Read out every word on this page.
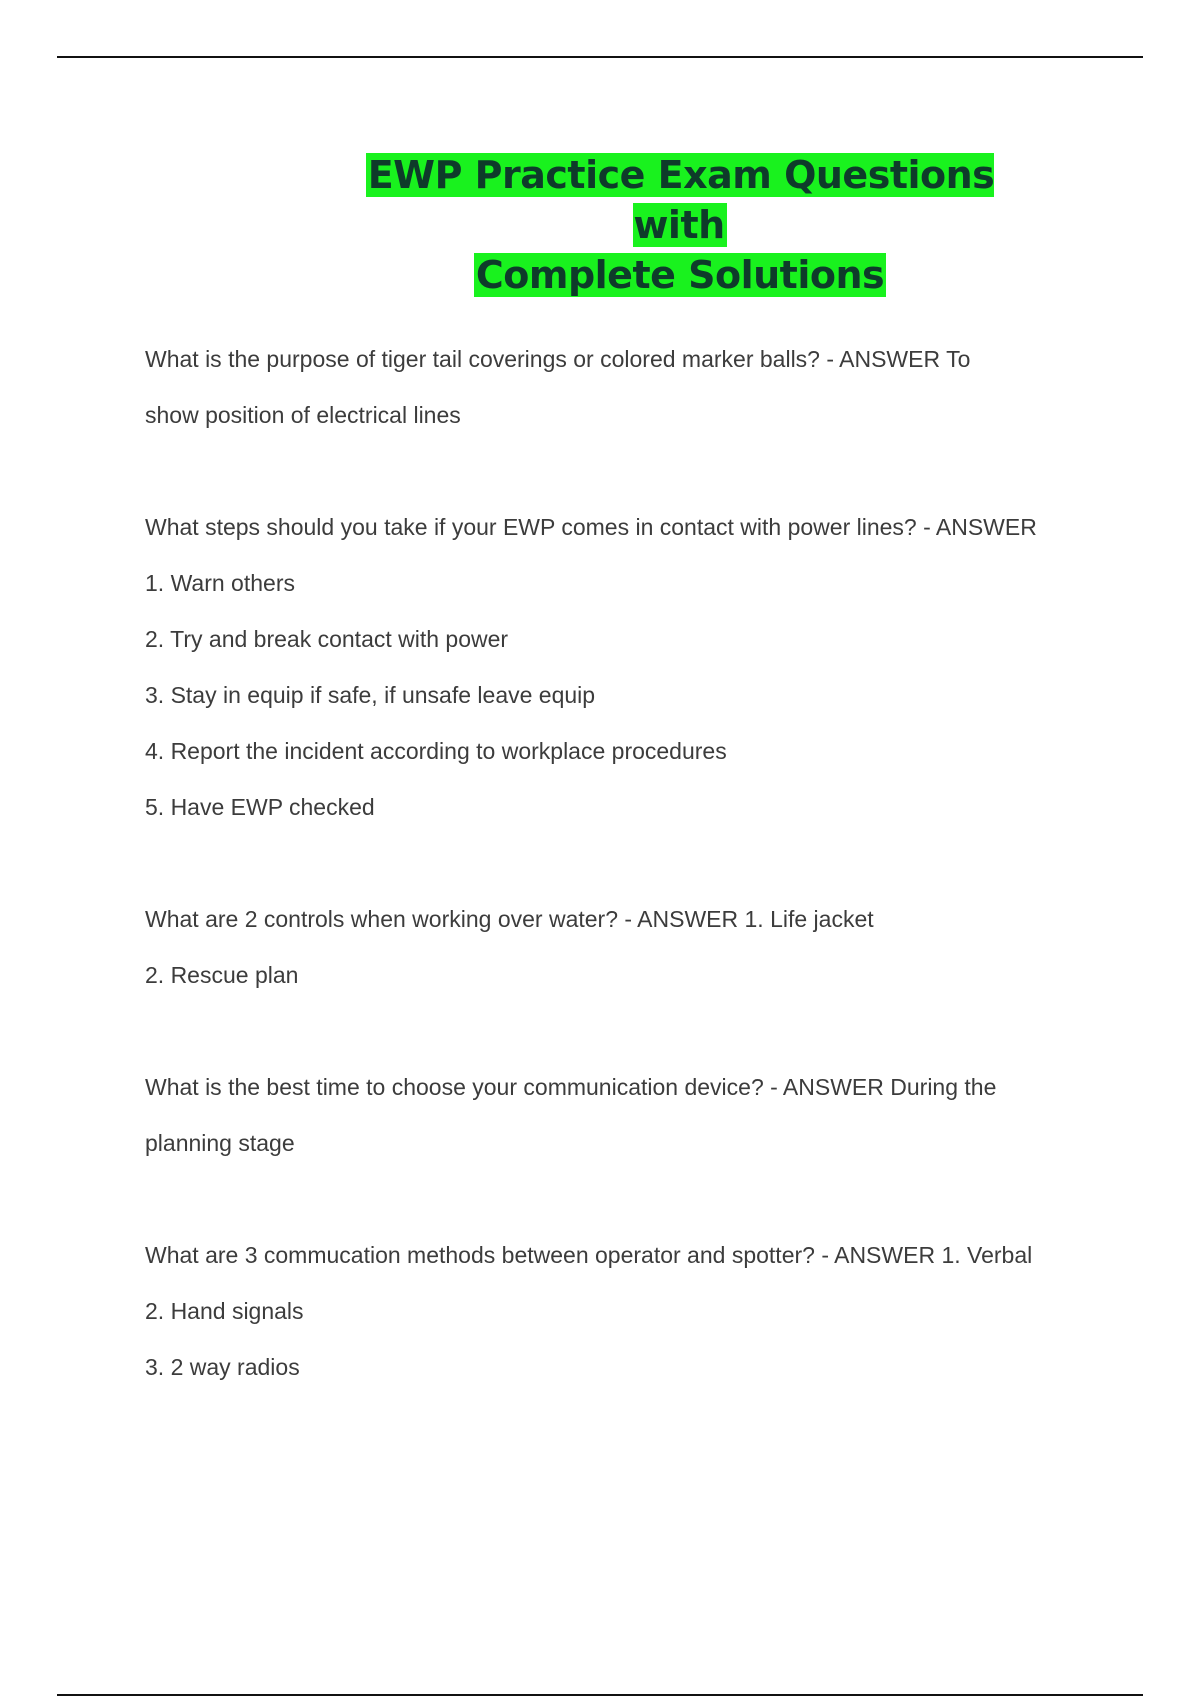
EWP Practice Exam Questions with
Complete Solutions
What is the purpose of tiger tail coverings or colored marker balls? - ANSWER To
show position of electrical lines
What steps should you take if your EWP comes in contact with power lines? - ANSWER
1. Warn others
2. Try and break contact with power
3. Stay in equip if safe, if unsafe leave equip
4. Report the incident according to workplace procedures
5. Have EWP checked
What are 2 controls when working over water? - ANSWER 1. Life jacket
2. Rescue plan
What is the best time to choose your communication device? - ANSWER During the
planning stage
What are 3 commucation methods between operator and spotter? - ANSWER 1. Verbal
2. Hand signals
3. 2 way radios
